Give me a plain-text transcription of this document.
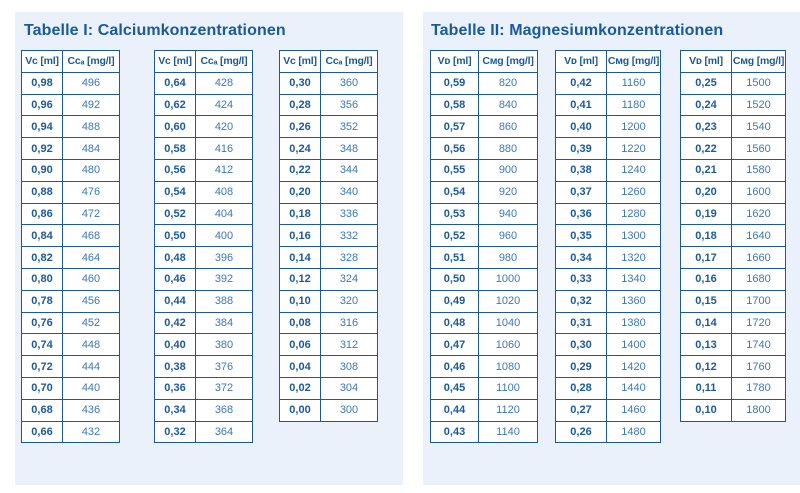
Tabelle I: Calciumkonzentrationen
Vᴄ [ml]	Cᴄₐ [mg/l]
0,98	496
0,96	492
0,94	488
0,92	484
0,90	480
0,88	476
0,86	472
0,84	468
0,82	464
0,80	460
0,78	456
0,76	452
0,74	448
0,72	444
0,70	440
0,68	436
0,66	432
Vᴄ [ml]	Cᴄₐ [mg/l]
0,64	428
0,62	424
0,60	420
0,58	416
0,56	412
0,54	408
0,52	404
0,50	400
0,48	396
0,46	392
0,44	388
0,42	384
0,40	380
0,38	376
0,36	372
0,34	368
0,32	364
Vᴄ [ml]	Cᴄₐ [mg/l]
0,30	360
0,28	356
0,26	352
0,24	348
0,22	344
0,20	340
0,18	336
0,16	332
0,14	328
0,12	324
0,10	320
0,08	316
0,06	312
0,04	308
0,02	304
0,00	300
Tabelle II: Magnesiumkonzentrationen
Vᴅ [ml]	Cᴍɡ [mg/l]
0,59	820
0,58	840
0,57	860
0,56	880
0,55	900
0,54	920
0,53	940
0,52	960
0,51	980
0,50	1000
0,49	1020
0,48	1040
0,47	1060
0,46	1080
0,45	1100
0,44	1120
0,43	1140
Vᴅ [ml]	Cᴍɡ [mg/l]
0,42	1160
0,41	1180
0,40	1200
0,39	1220
0,38	1240
0,37	1260
0,36	1280
0,35	1300
0,34	1320
0,33	1340
0,32	1360
0,31	1380
0,30	1400
0,29	1420
0,28	1440
0,27	1460
0,26	1480
Vᴅ [ml]	Cᴍɡ [mg/l]
0,25	1500
0,24	1520
0,23	1540
0,22	1560
0,21	1580
0,20	1600
0,19	1620
0,18	1640
0,17	1660
0,16	1680
0,15	1700
0,14	1720
0,13	1740
0,12	1760
0,11	1780
0,10	1800
